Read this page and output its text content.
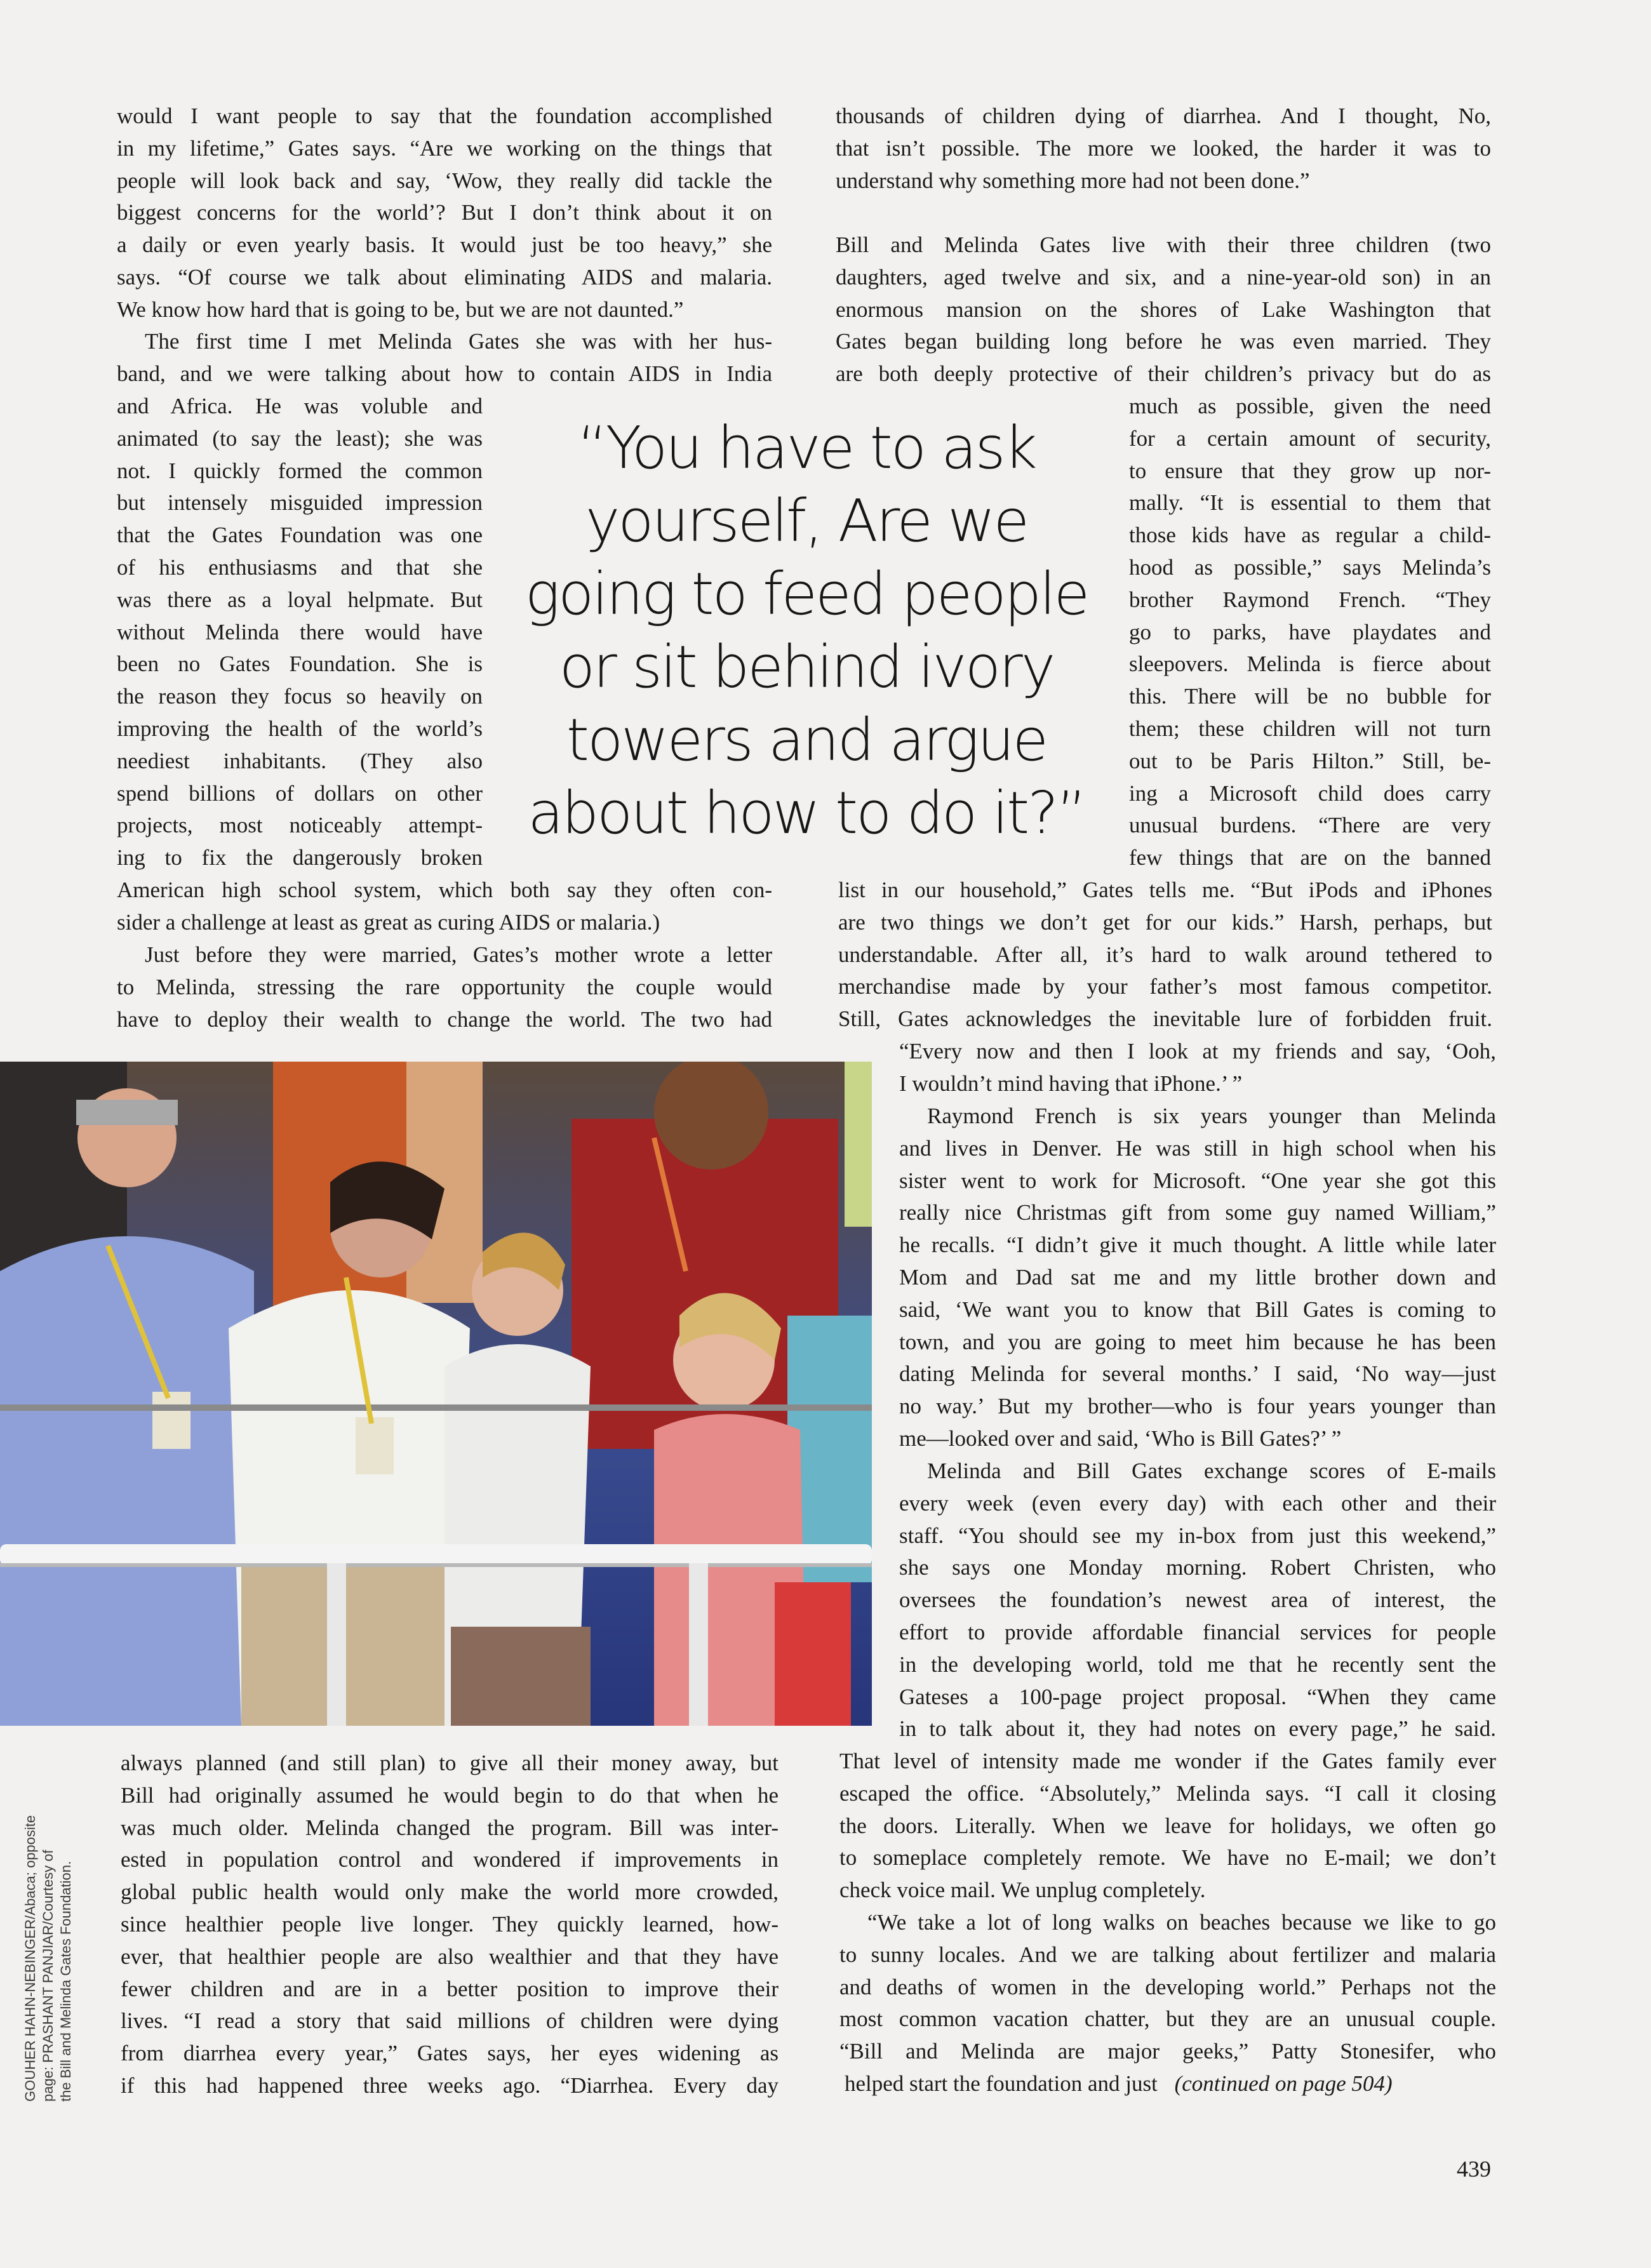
would I want people to say that the foundation accomplished
in my lifetime,” Gates says. “Are we working on the things that
people will look back and say, ‘Wow, they really did tackle the
biggest concerns for the world’? But I don’t think about it on
a daily or even yearly basis. It would just be too heavy,” she
says. “Of course we talk about eliminating AIDS and malaria.
We know how hard that is going to be, but we are not daunted.”
The first time I met Melinda Gates she was with her hus-
band, and we were talking about how to contain AIDS in India
and Africa. He was voluble and
animated (to say the least); she was
not. I quickly formed the common
but intensely misguided impression
that the Gates Foundation was one
of his enthusiasms and that she
was there as a loyal helpmate. But
without Melinda there would have
been no Gates Foundation. She is
the reason they focus so heavily on
improving the health of the world’s
neediest inhabitants. (They also
spend billions of dollars on other
projects, most noticeably attempt-
ing to fix the dangerously broken
American high school system, which both say they often con-
sider a challenge at least as great as curing AIDS or malaria.)
Just before they were married, Gates’s mother wrote a letter
to Melinda, stressing the rare opportunity the couple would
have to deploy their wealth to change the world. The two had
always planned (and still plan) to give all their money away, but
Bill had originally assumed he would begin to do that when he
was much older. Melinda changed the program. Bill was inter-
ested in population control and wondered if improvements in
global public health would only make the world more crowded,
since healthier people live longer. They quickly learned, how-
ever, that healthier people are also wealthier and that they have
fewer children and are in a better position to improve their
lives. “I read a story that said millions of children were dying
from diarrhea every year,” Gates says, her eyes widening as
if this had happened three weeks ago. “Diarrhea. Every day
thousands of children dying of diarrhea. And I thought, No,
that isn’t possible. The more we looked, the harder it was to
understand why something more had not been done.”
Bill and Melinda Gates live with their three children (two
daughters, aged twelve and six, and a nine-year-old son) in an
enormous mansion on the shores of Lake Washington that
Gates began building long before he was even married. They
are both deeply protective of their children’s privacy but do as
much as possible, given the need
for a certain amount of security,
to ensure that they grow up nor-
mally. “It is essential to them that
those kids have as regular a child-
hood as possible,” says Melinda’s
brother Raymond French. “They
go to parks, have playdates and
sleepovers. Melinda is fierce about
this. There will be no bubble for
them; these children will not turn
out to be Paris Hilton.” Still, be-
ing a Microsoft child does carry
unusual burdens. “There are very
few things that are on the banned
list in our household,” Gates tells me. “But iPods and iPhones
are two things we don’t get for our kids.” Harsh, perhaps, but
understandable. After all, it’s hard to walk around tethered to
merchandise made by your father’s most famous competitor.
Still, Gates acknowledges the inevitable lure of forbidden fruit.
“Every now and then I look at my friends and say, ‘Ooh,
I wouldn’t mind having that iPhone.’ ”
Raymond French is six years younger than Melinda
and lives in Denver. He was still in high school when his
sister went to work for Microsoft. “One year she got this
really nice Christmas gift from some guy named William,”
he recalls. “I didn’t give it much thought. A little while later
Mom and Dad sat me and my little brother down and
said, ‘We want you to know that Bill Gates is coming to
town, and you are going to meet him because he has been
dating Melinda for several months.’ I said, ‘No way—just
no way.’ But my brother—who is four years younger than
me—looked over and said, ‘Who is Bill Gates?’ ”
Melinda and Bill Gates exchange scores of E-mails
every week (even every day) with each other and their
staff. “You should see my in-box from just this weekend,”
she says one Monday morning. Robert Christen, who
oversees the foundation’s newest area of interest, the
effort to provide affordable financial services for people
in the developing world, told me that he recently sent the
Gateses a 100-page project proposal. “When they came
in to talk about it, they had notes on every page,” he said.
That level of intensity made me wonder if the Gates family ever
escaped the office. “Absolutely,” Melinda says. “I call it closing
the doors. Literally. When we leave for holidays, we often go
to someplace completely remote. We have no E-mail; we don’t
check voice mail. We unplug completely.
“We take a lot of long walks on beaches because we like to go
to sunny locales. And we are talking about fertilizer and malaria
and deaths of women in the developing world.” Perhaps not the
most common vacation chatter, but they are an unusual couple.
“Bill and Melinda are major geeks,” Patty Stonesifer, who
helped start the foundation and just (continued on page 504)
“You have to ask
yourself, Are we
going to feed people
or sit behind ivory
towers and argue
about how to do it?”
GOUHER HAHN-NEBINGER/Abaca; opposite page: PRASHANT PANJIAR/Courtesy of the Bill and Melinda Gates Foundation.
439
